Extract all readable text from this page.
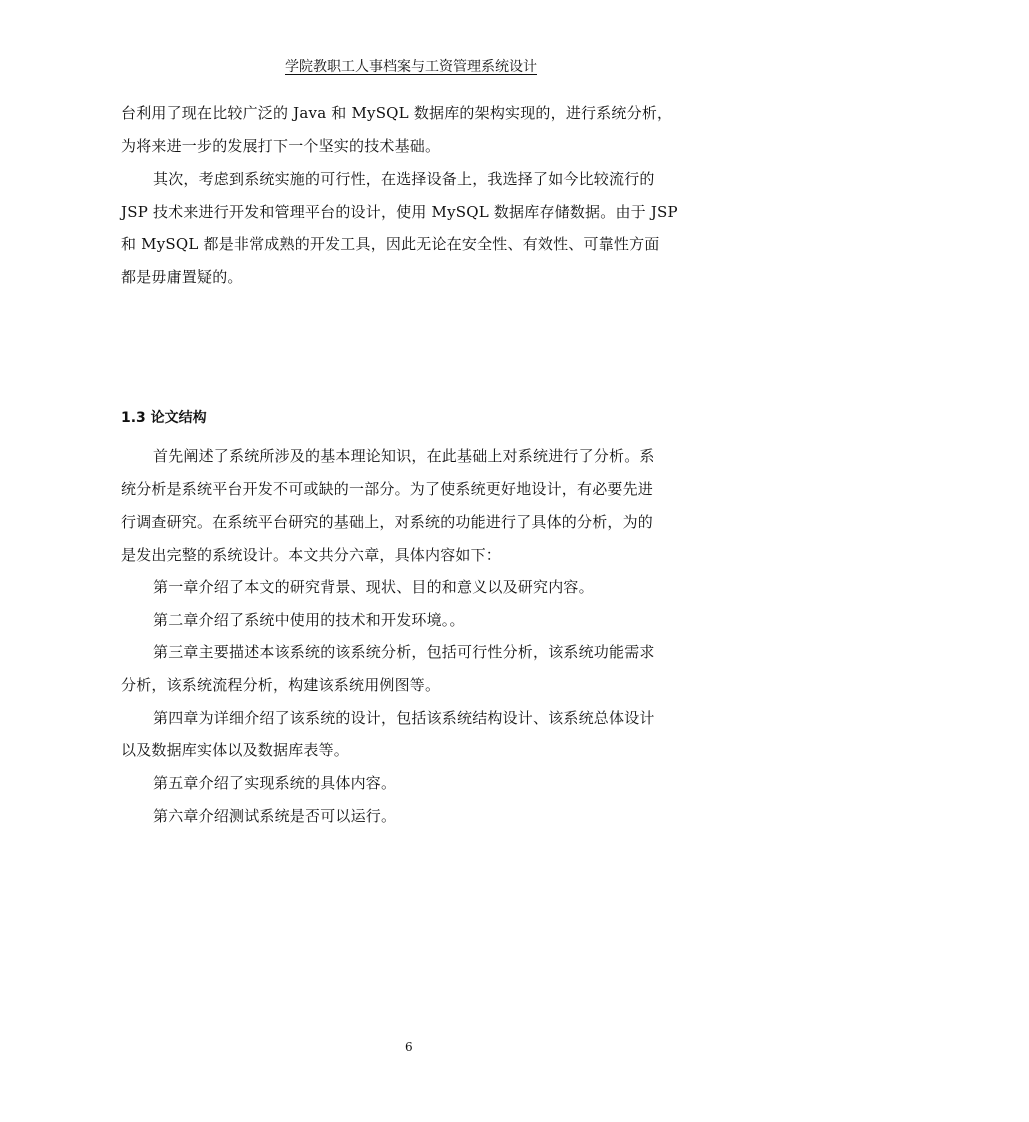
学院教职工人事档案与工资管理系统设计
台利用了现在比较广泛的 Java 和 MySQL 数据库的架构实现的，进行系统分析，
为将来进一步的发展打下一个坚实的技术基础。
其次，考虑到系统实施的可行性，在选择设备上，我选择了如今比较流行的
JSP 技术来进行开发和管理平台的设计，使用 MySQL 数据库存储数据。由于 JSP
和 MySQL 都是非常成熟的开发工具，因此无论在安全性、有效性、可靠性方面
都是毋庸置疑的。
1.3 论文结构
首先阐述了系统所涉及的基本理论知识，在此基础上对系统进行了分析。系
统分析是系统平台开发不可或缺的一部分。为了使系统更好地设计，有必要先进
行调查研究。在系统平台研究的基础上，对系统的功能进行了具体的分析，为的
是发出完整的系统设计。本文共分六章，具体内容如下：
第一章介绍了本文的研究背景、现状、目的和意义以及研究内容。
第二章介绍了系统中使用的技术和开发环境。。
第三章主要描述本该系统的该系统分析，包括可行性分析，该系统功能需求
分析，该系统流程分析，构建该系统用例图等。
第四章为详细介绍了该系统的设计，包括该系统结构设计、该系统总体设计
以及数据库实体以及数据库表等。
第五章介绍了实现系统的具体内容。
第六章介绍测试系统是否可以运行。
6
